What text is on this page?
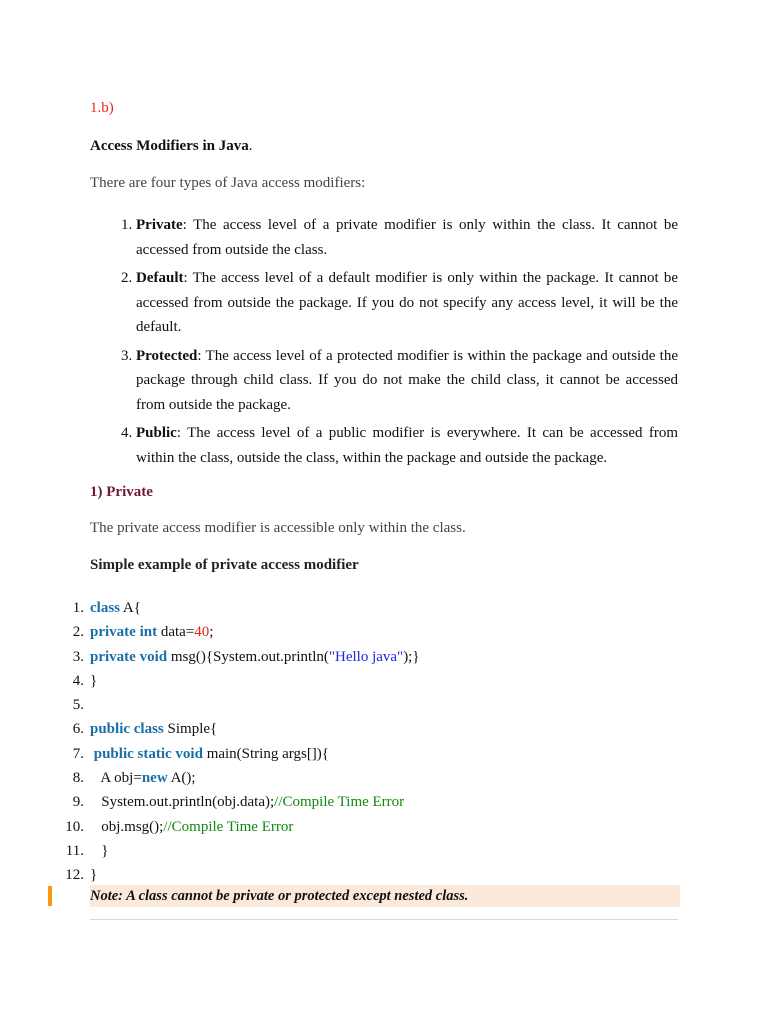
1.b)
Access Modifiers in Java.
There are four types of Java access modifiers:
1. Private: The access level of a private modifier is only within the class. It cannot be accessed from outside the class.
2. Default: The access level of a default modifier is only within the package. It cannot be accessed from outside the package. If you do not specify any access level, it will be the default.
3. Protected: The access level of a protected modifier is within the package and outside the package through child class. If you do not make the child class, it cannot be accessed from outside the package.
4. Public: The access level of a public modifier is everywhere. It can be accessed from within the class, outside the class, within the package and outside the package.
1) Private
The private access modifier is accessible only within the class.
Simple example of private access modifier
1. class A{
2. private int data=40;
3. private void msg(){System.out.println("Hello java");}
4. }
5.
6. public class Simple{
7. public static void main(String args[]){
8. A obj=new A();
9. System.out.println(obj.data);//Compile Time Error
10. obj.msg();//Compile Time Error
11. }
12. }
Note: A class cannot be private or protected except nested class.
